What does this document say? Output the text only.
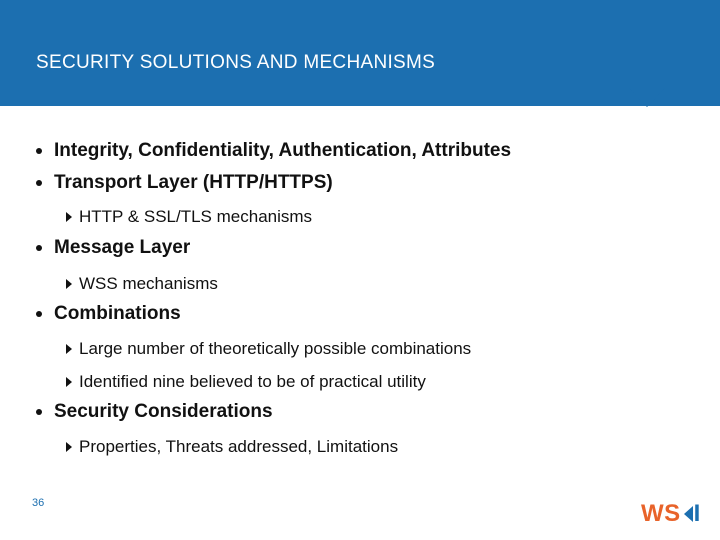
SECURITY SOLUTIONS AND MECHANISMS
Integrity, Confidentiality, Authentication, Attributes
Transport Layer (HTTP/HTTPS)
HTTP & SSL/TLS mechanisms
Message Layer
WSS mechanisms
Combinations
Large number of theoretically possible combinations
Identified nine believed to be of practical utility
Security Considerations
Properties, Threats addressed, Limitations
36	WS I
